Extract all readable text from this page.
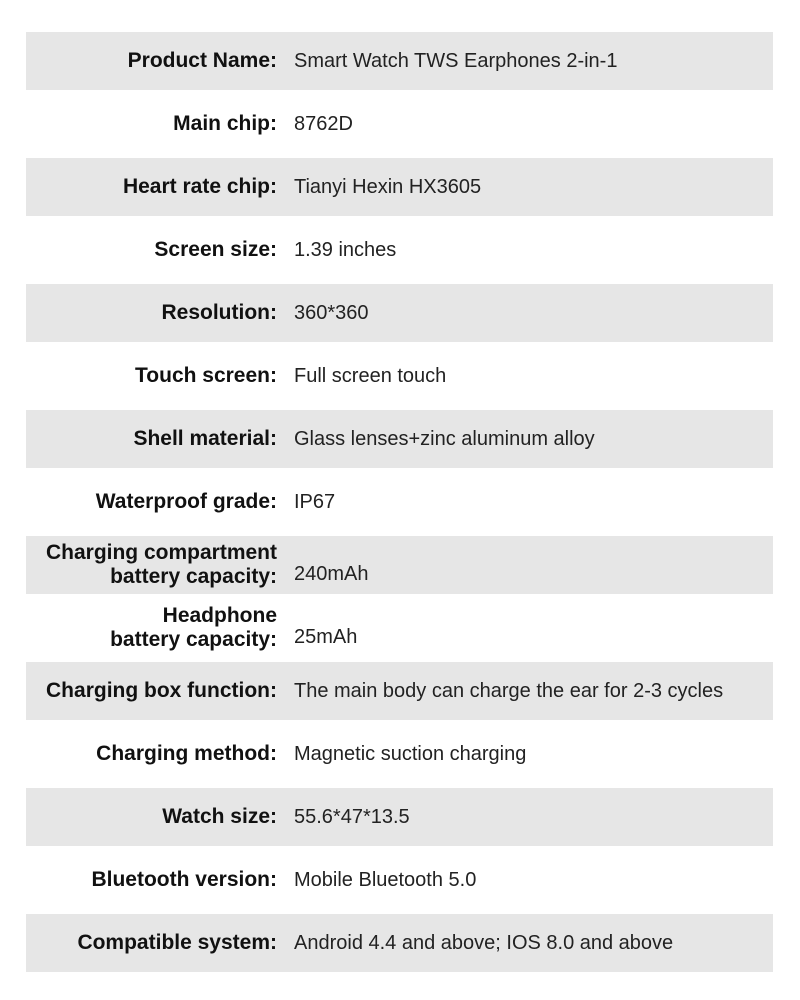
Product Name: Smart Watch TWS Earphones 2-in-1
Main chip: 8762D
Heart rate chip: Tianyi Hexin HX3605
Screen size: 1.39 inches
Resolution: 360*360
Touch screen: Full screen touch
Shell material: Glass lenses+zinc aluminum alloy
Waterproof grade: IP67
Charging compartment
battery capacity: 240mAh
Headphone
battery capacity: 25mAh
Charging box function: The main body can charge the ear for 2-3 cycles
Charging method: Magnetic suction charging
Watch size: 55.6*47*13.5
Bluetooth version: Mobile Bluetooth 5.0
Compatible system: Android 4.4 and above; IOS 8.0 and above
